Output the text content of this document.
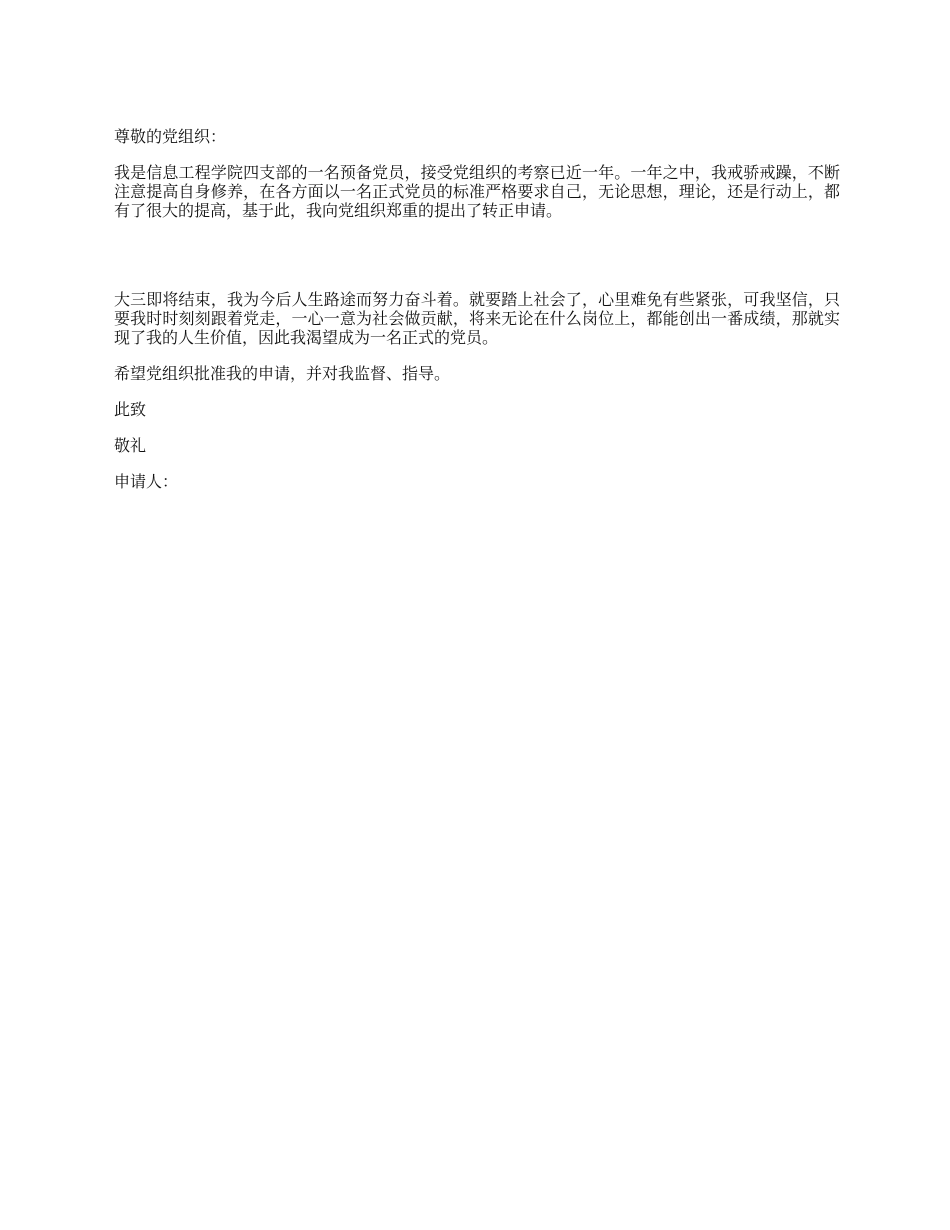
尊敬的党组织：

我是信息工程学院四支部的一名预备党员，接受党组织的考察已近一年。一年之中，我戒骄戒躁，不断注意提高自身修养，在各方面以一名正式党员的标准严格要求自己，无论思想，理论，还是行动上，都有了很大的提高，基于此，我向党组织郑重的提出了转正申请。

大三即将结束，我为今后人生路途而努力奋斗着。就要踏上社会了，心里难免有些紧张，可我坚信，只要我时时刻刻跟着党走，一心一意为社会做贡献，将来无论在什么岗位上，都能创出一番成绩，那就实现了我的人生价值，因此我渴望成为一名正式的党员。

希望党组织批准我的申请，并对我监督、指导。

此致

敬礼

申请人：
